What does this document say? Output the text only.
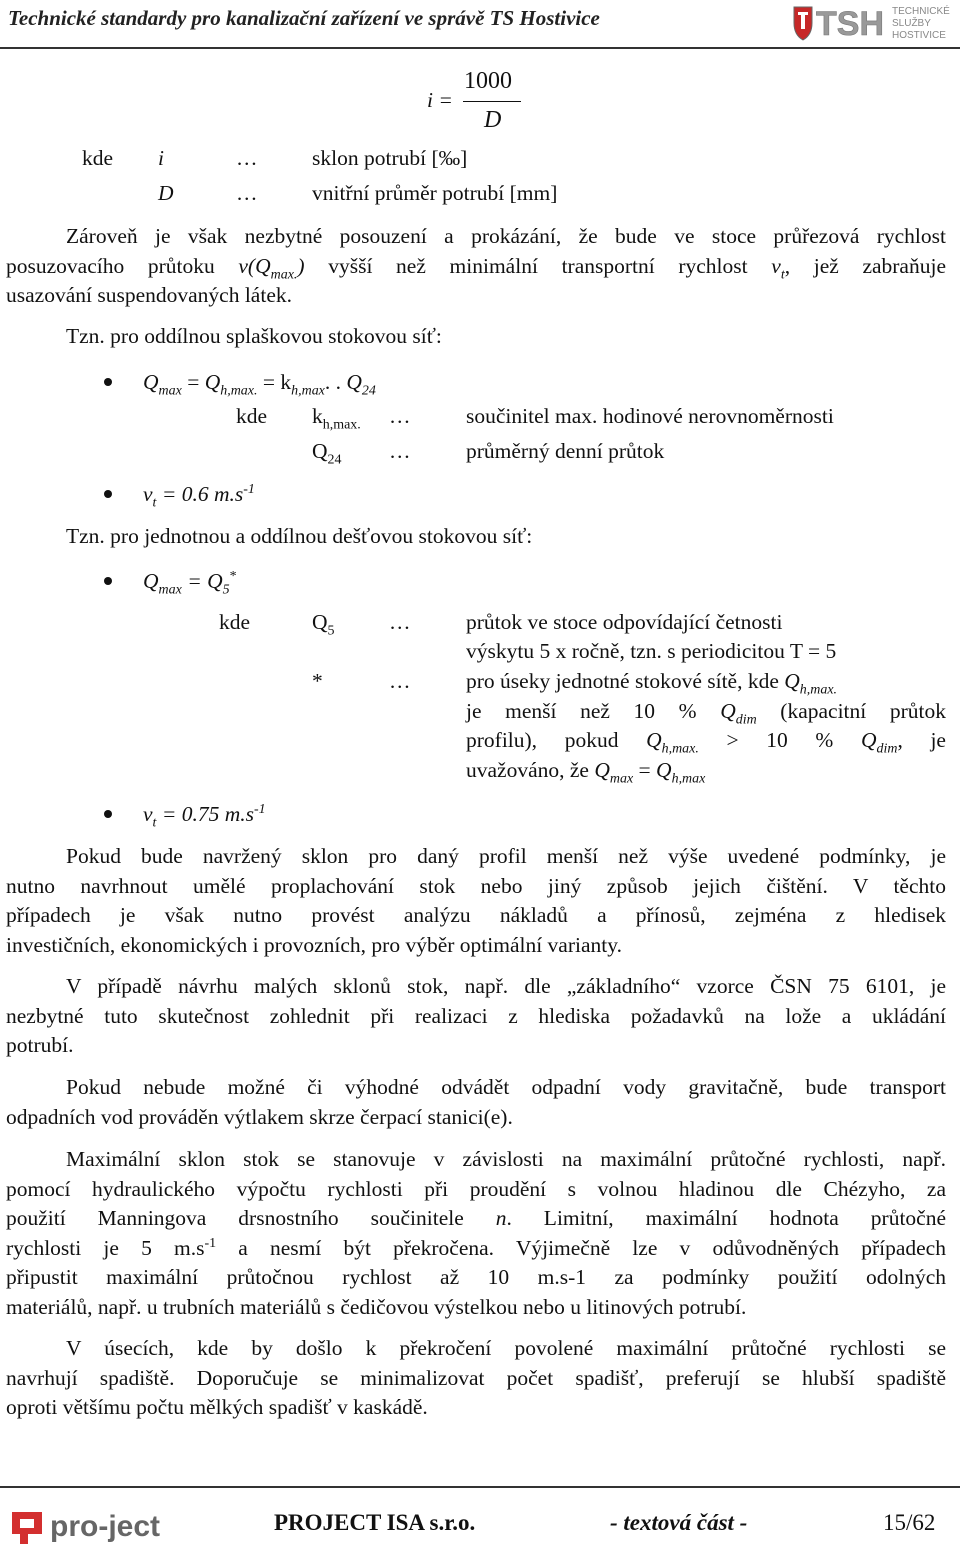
Technické standardy pro kanalizační zařízení ve správě TS Hostivice	TSH TECHNICKÉ
SLUŽBY
HOSTIVICE
i =
1000
D
kde i	…	sklon potrubí [‰]
D	…	vnitřní průměr potrubí [mm]
Zároveň je však nezbytné posouzení a prokázání, že bude ve stoce průřezová rychlost
posuzovacího průtoku $v(Q_{max.})$ vyšší než minimální transportní rychlost $v_t$, jež zabraňuje
usazování suspendovaných látek.
Tzn. pro oddílnou splaškovou stokovou síť:
$Q_{max} = Q_{h,max.} = k_{h,max}$. . $Q_{24}$
kde $k_{h,max.}$ …	součinitel max. hodinové nerovnoměrnosti
$Q_{24}$ …	průměrný denní průtok
$v_t = 0.6$ $m.s^{-1}$
Tzn. pro jednotnou a oddílnou dešťovou stokovou síť:
$Q_{max} = Q_5^*$
kde	$Q_5$	…	průtok ve stoce odpovídající četnosti
výskytu 5 x ročně, tzn. s periodicitou T = 5
*	…	pro úseky jednotné stokové sítě, kde $Q_{h,max.}$
je menší než 10 % $Q_{dim}$ (kapacitní průtok
profilu), pokud $Q_{h,max.} > 10$ % $Q_{dim}$, je
uvažováno, že $Q_{max} = Q_{h,max}$
$v_t = 0.75$ $m.s^{-1}$
Pokud bude navržený sklon pro daný profil menší než výše uvedené podmínky, je
nutno navrhnout umělé proplachování stok nebo jiný způsob jejich čištění. V těchto
případech je však nutno provést analýzu nákladů a přínosů, zejména z hledisek
investičních, ekonomických i provozních, pro výběr optimální varianty.
V případě návrhu malých sklonů stok, např. dle „základního“ vzorce ČSN 75 6101, je
nezbytné tuto skutečnost zohlednit při realizaci z hlediska požadavků na lože a ukládání
potrubí.
Pokud nebude možné či výhodné odvádět odpadní vody gravitačně, bude transport
odpadních vod prováděn výtlakem skrze čerpací stanici(e).
Maximální sklon stok se stanovuje v závislosti na maximální průtočné rychlosti, např.
pomocí hydraulického výpočtu rychlosti při proudění s volnou hladinou dle Chézyho, za
použití Manningova drsnostního součinitele n. Limitní, maximální hodnota průtočné
rychlosti je 5 $m.s^{-1}$ a nesmí být překročena. Výjimečně lze v odůvodněných případech
připustit maximální průtočnou rychlost až 10 m.s-1 za podmínky použití odolných
materiálů, např. u trubních materiálů s čedičovou výstelkou nebo u litinových potrubí.
V úsecích, kde by došlo k překročení povolené maximální průtočné rychlosti se
navrhují spadiště. Doporučuje se minimalizovat počet spadišť, preferují se hlubší spadiště
oproti většímu počtu mělkých spadišť v kaskádě.
pro-ject	PROJECT ISA s.r.o.	- textová část -	15/62
